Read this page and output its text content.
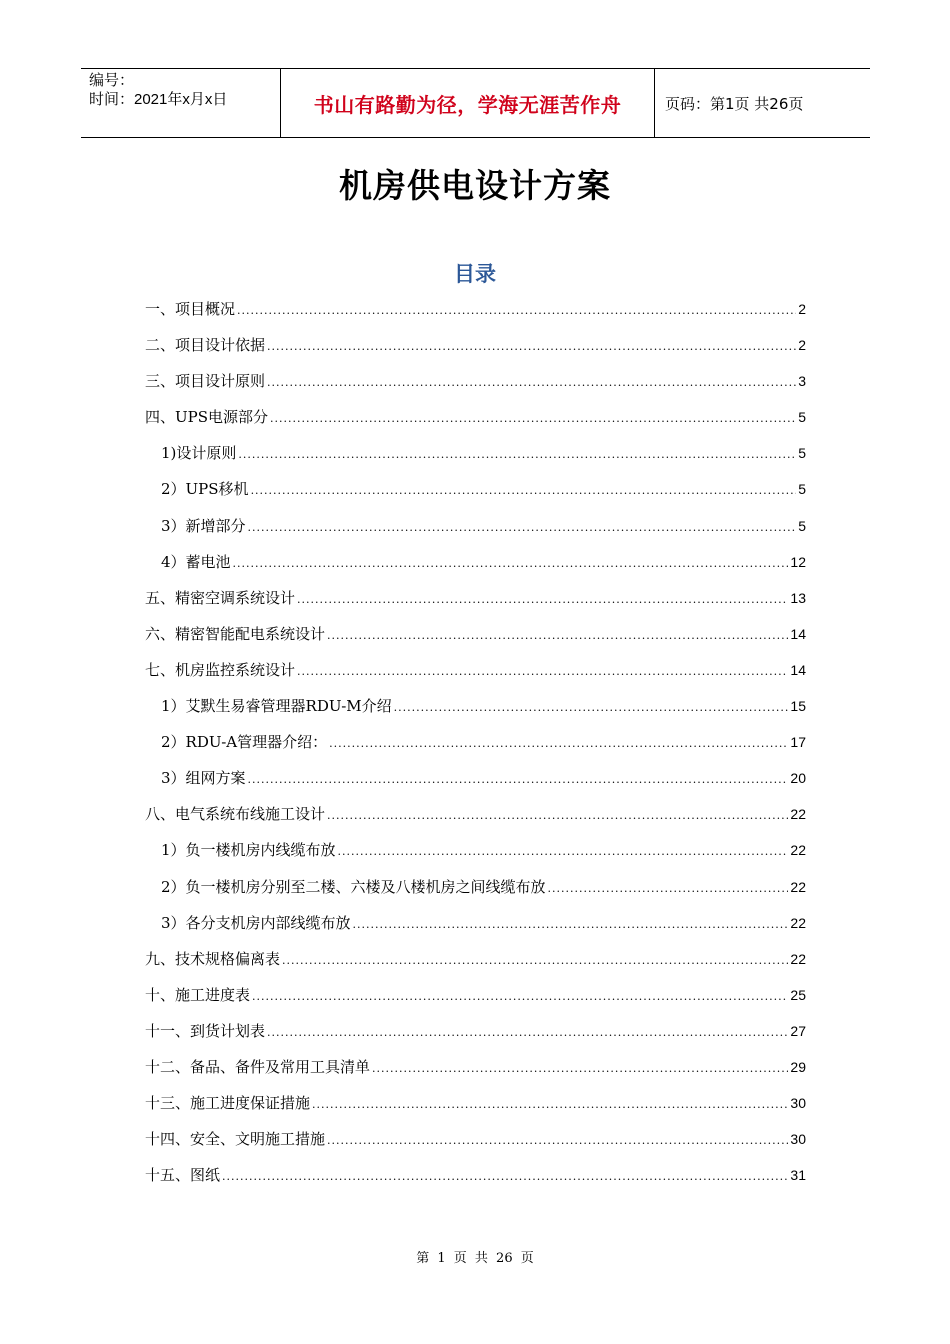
编号：
时间：2021年x月x日	书山有路勤为径，学海无涯苦作舟	页码：第1页 共26页
机房供电设计方案
目录
一、项目概况 .....	2
二、项目设计依据 .....	2
三、项目设计原则 .....	3
四、UPS电源部分 .....	5
1)设计原则 .....	5
2）UPS移机 .....	5
3）新增部分 .....	5
4）蓄电池 .....	12
五、精密空调系统设计 .....	13
六、精密智能配电系统设计 .....	14
七、机房监控系统设计 .....	14
1）艾默生易睿管理器RDU-M介绍 .....	15
2）RDU-A管理器介绍： .....	17
3）组网方案 .....	20
八、电气系统布线施工设计 .....	22
1）负一楼机房内线缆布放 .....	22
2）负一楼机房分别至二楼、六楼及八楼机房之间线缆布放 .....	22
3）各分支机房内部线缆布放 .....	22
九、技术规格偏离表 .....	22
十、施工进度表 .....	25
十一、到货计划表 .....	27
十二、备品、备件及常用工具清单 .....	29
十三、施工进度保证措施 .....	30
十四、安全、文明施工措施 .....	30
十五、图纸 .....	31
第 1 页 共 26 页
